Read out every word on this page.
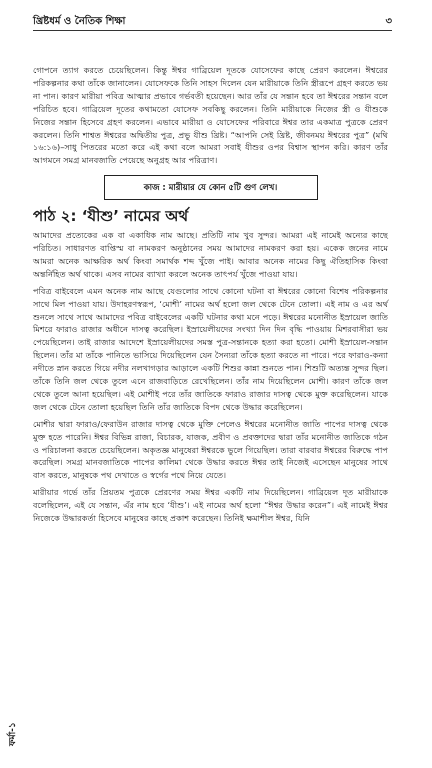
খ্রিষ্টধর্ম ও নৈতিক শিক্ষা	৩

গোপনে ত্যাগ করতে চেয়েছিলেন। কিন্তু ঈশ্বর গাব্রিয়েল দূতকে যোসেফের কাছে প্রেরণ করলেন। ঈশ্বরের পরিকল্পনার কথা তাঁকে জানালেন। যোসেফকে তিনি সাহস দিলেন যেন মারীয়াকে তিনি স্ত্রীরূপে গ্রহণ করতে ভয় না পান। কারণ মারীয়া পবিত্র আত্মার প্রভাবে গর্ভবতী হয়েছেন। আর তাঁর যে সন্তান হবে তা ঈশ্বরের সন্তান বলে পরিচিত হবে। গাব্রিয়েল দূতের কথামতো যোসেফ সবকিছু করলেন। তিনি মারীয়াকে নিজের স্ত্রী ও যীশুকে নিজের সন্তান হিসেবে গ্রহণ করলেন। এভাবে মারীয়া ও যোসেফের পরিবারে ঈশ্বর তার একমাত্র পুত্রকে প্রেরণ করলেন। তিনি শাশ্বত ঈশ্বরের অদ্বিতীয় পুত্র, প্রভু যীশু খ্রিষ্ট। “আপনি সেই খ্রিষ্ট, জীবনময় ঈশ্বরের পুত্র” (মথি ১৬:১৬)–সাধু পিতরের মতো করে এই কথা বলে আমরা সবাই যীশুর ওপর বিশ্বাস স্থাপন করি। কারণ তাঁর আগমনে সমগ্র মানবজাতি পেয়েছে অনুগ্রহ আর পরিত্রাণ।

কাজ : মারীয়ার যে কোন ৫টি গুণ লেখ।
পাঠ ২: ‘যীশু’ নামের অর্থ

আমাদের প্রত্যেকের এক বা একাধিক নাম আছে। প্রতিটি নাম খুব সুন্দর। আমরা এই নামেই অন্যের কাছে পরিচিত। সাধারণত বাপ্তিস্ম বা নামকরণ অনুষ্ঠানের সময় আমাদের নামকরণ করা হয়। একেক জনের নামে আমরা অনেক আক্ষরিক অর্থ কিংবা সমার্থক শব্দ খুঁজে পাই। আবার অনেক নামের কিছু ঐতিহাসিক কিংবা অন্তর্নিহিত অর্থ থাকে। এসব নামের ব্যাখ্যা করলে অনেক তাৎপর্য খুঁজে পাওয়া যায়।

পবিত্র বাইবেলে এমন অনেক নাম আছে যেগুলোর সাথে কোনো ঘটনা বা ঈশ্বরের কোনো বিশেষ পরিকল্পনার সাথে মিল পাওয়া যায়। উদাহরণস্বরূপ, ‘মোশী’ নামের অর্থ হলো জল থেকে টেনে তোলা। এই নাম ও এর অর্থ শুনলে সাথে সাথে আমাদের পবিত্র বাইবেলের একটি ঘটনার কথা মনে পড়ে। ঈশ্বরের মনোনীত ইস্রায়েল জাতি মিশরে ফারাও রাজার অধীনে দাসত্ব করেছিল। ইস্রায়েলীয়দের সংখ্যা দিন দিন বৃদ্ধি পাওয়ায় মিশরবাসীরা ভয় পেয়েছিলেন। তাই রাজার আদেশে ইস্রায়েলীয়দের সমস্ত পুত্র-সন্তানকে হত্যা করা হতো। মোশী ইস্রায়েল-সন্তান ছিলেন। তাঁর মা তাঁকে পানিতে ভাসিয়ে দিয়েছিলেন যেন সৈন্যরা তাঁকে হত্যা করতে না পারে। পরে ফারাও-কন্যা নদীতে স্নান করতে গিয়ে নদীর নলখাগড়ার আড়ালে একটি শিশুর কান্না শুনতে পান। শিশুটি অত্যন্ত সুন্দর ছিল। তাঁকে তিনি জল থেকে তুলে এনে রাজবাড়িতে রেখেছিলেন। তাঁর নাম দিয়েছিলেন মোশী। কারণ তাঁকে জল থেকে তুলে আনা হয়েছিল। এই মোশীই পরে তাঁর জাতিকে ফারাও রাজার দাসত্ব থেকে মুক্ত করেছিলেন। যাকে জল থেকে টেনে তোলা হয়েছিল তিনি তাঁর জাতিকে বিপদ থেকে উদ্ধার করেছিলেন।

মোশীর দ্বারা ফারাও/ফেরাউন রাজার দাসত্ব থেকে মুক্তি পেলেও ঈশ্বরের মনোনীত জাতি পাপের দাসত্ব থেকে মুক্ত হতে পারেনি। ঈশ্বর বিভিন্ন রাজা, বিচারক, যাজক, প্রবীণ ও প্রবক্তাদের দ্বারা তাঁর মনোনীত জাতিকে গঠন ও পরিচালনা করতে চেয়েছিলেন। অকৃতজ্ঞ মানুষেরা ঈশ্বরকে ভুলে গিয়েছিল। তারা বারবার ঈশ্বরের বিরুদ্ধে পাপ করেছিল। সমগ্র মানবজাতিকে পাপের কালিমা থেকে উদ্ধার করতে ঈশ্বর তাই নিজেই এসেছেন মানুষের সাথে বাস করতে, মানুষকে পথ দেখাতে ও স্বর্গের পথে নিয়ে যেতে।

মারীয়ার গর্ভে তাঁর প্রিয়তম পুত্রকে প্রেরণের সময় ঈশ্বর একটি নাম দিয়েছিলেন। গাব্রিয়েল দূত মারীয়াকে বলেছিলেন, এই যে সন্তান, এঁর নাম হবে ‘যীশু’। এই নামের অর্থ হলো “ঈশ্বর উদ্ধার করেন”। এই নামেই ঈশ্বর নিজেকে উদ্ধারকর্তা হিসেবে মানুষের কাছে প্রকাশ করেছেন। তিনিই ক্ষমাশীল ঈশ্বর, যিনি

ফর্মা-১
